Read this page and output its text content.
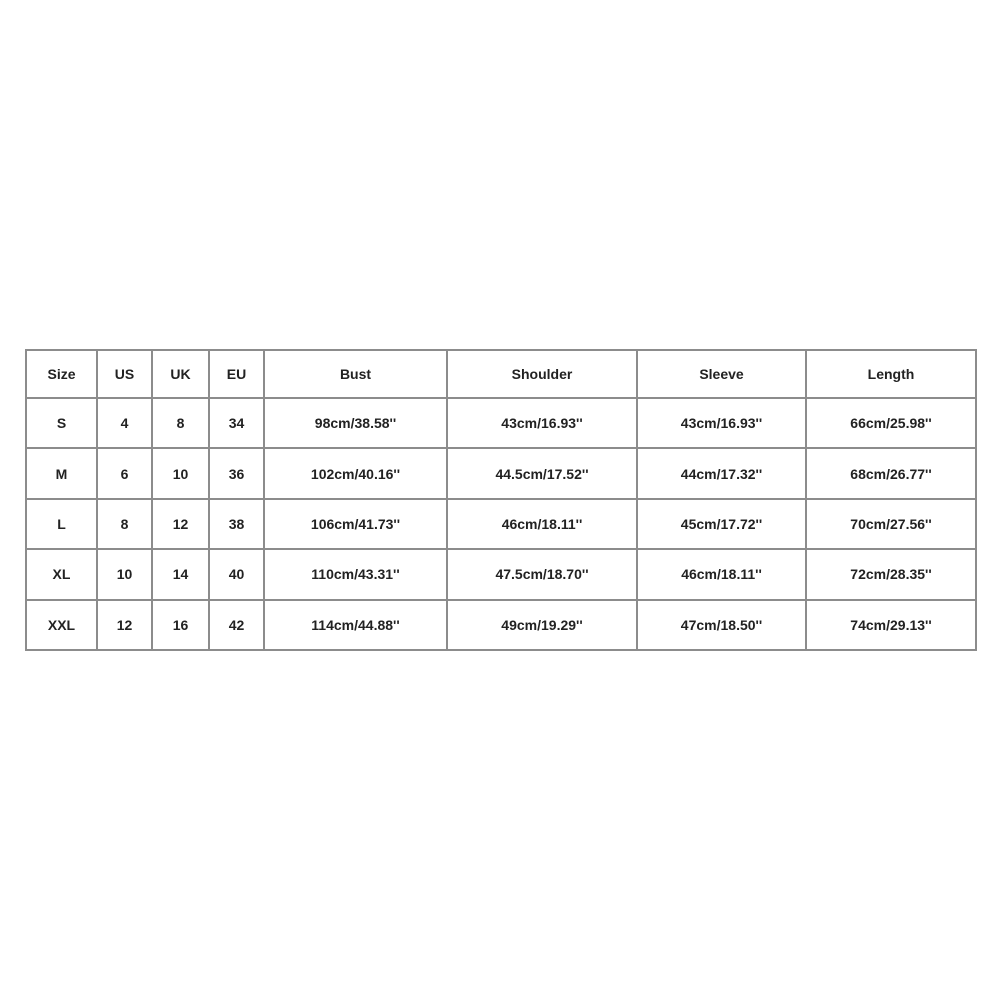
Size	US	UK	EU	Bust	Shoulder	Sleeve	Length
S	4	8	34	98cm/38.58''	43cm/16.93''	43cm/16.93''	66cm/25.98''
M	6	10	36	102cm/40.16''	44.5cm/17.52''	44cm/17.32''	68cm/26.77''
L	8	12	38	106cm/41.73''	46cm/18.11''	45cm/17.72''	70cm/27.56''
XL	10	14	40	110cm/43.31''	47.5cm/18.70''	46cm/18.11''	72cm/28.35''
XXL	12	16	42	114cm/44.88''	49cm/19.29''	47cm/18.50''	74cm/29.13''
